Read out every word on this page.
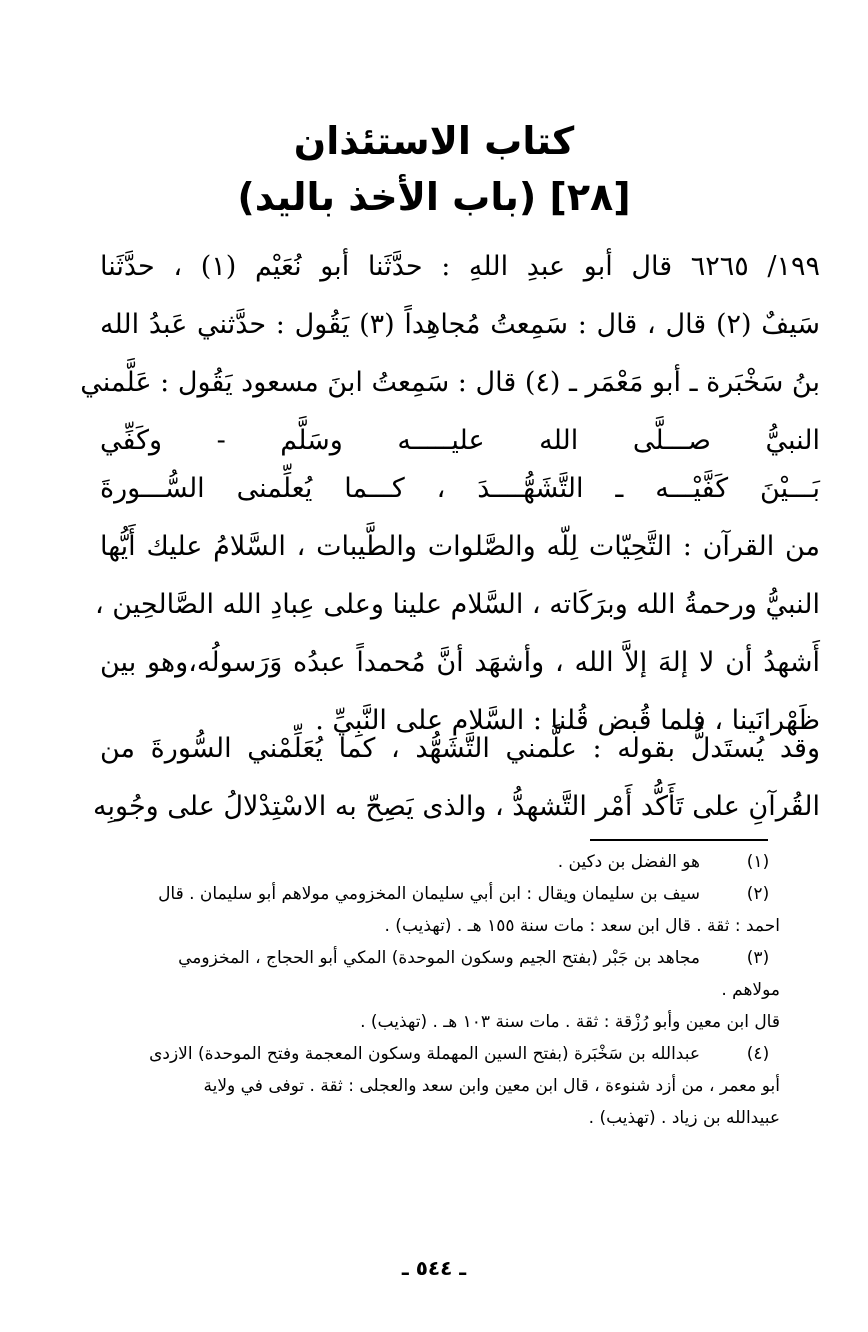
كتاب الاستئذان
[٢٨] (باب الأخذ باليد)
١٩٩/ ٦٢٦٥ قال أبو عبدِ اللهِ : حدَّثَنا أبو نُعَيْم (١) ، حدَّثَنا
سَيفٌ (٢) قال ، قال : سَمِعتُ مُجاهِداً (٣) يَقُول : حدَّثني عَبدُ الله
بنُ سَخْبَرة ـ أبو مَعْمَر ـ (٤) قال : سَمِعتُ ابنَ مسعود يَقُول : عَلَّمني
النبيُّ صـــلَّى الله عليـــــه وسَلَّم - وكَفِّي
بَـــيْنَ كَفَّيْـــه ـ التَّشَهُّــــدَ ، كـــما يُعلِّمنى السُّـــورةَ
من القرآن : التَّحِيّات لِلّه والصَّلوات والطَّيبات ، السَّلامُ عليك أَيُّها
النبيُّ ورحمةُ الله وبرَكَاته ، السَّلام علينا وعلى عِبادِ الله الصَّالحِين ،
أَشهدُ أن لا إلهَ إلاَّ الله ، وأشهَد أنَّ مُحمداً عبدُه وَرَسولُه،وهو بين
ظَهْرانَينا ، فلما قُبض قُلنا : السَّلام على النَّبِيِّ .
وقد يُستَدلُّ بقوله : علَّمني التَّشَهُّد ، كما يُعَلِّمْني السُّورةَ من
القُرآنِ على تَأَكُّد أَمْر التَّشهدُّ ، والذى يَصِحّ به الاسْتِدْلالُ على وجُوبِه
(١)
هو الفضل بن دكين .
(٢)
سيف بن سليمان ويقال : ابن أبي سليمان المخزومي مولاهم أبو سليمان . قال
احمد : ثقة . قال ابن سعد : مات سنة ١٥٥ هـ . (تهذيب) .
(٣)
مجاهد بن جَبْر (بفتح الجيم وسكون الموحدة) المكي أبو الحجاج ، المخزومي
مولاهم .
قال ابن معين وأبو رُزْقة : ثقة . مات سنة ١٠٣ هـ . (تهذيب) .
(٤)
عبدالله بن سَخْبَرة (بفتح السين المهملة وسكون المعجمة وفتح الموحدة) الازدى
أبو معمر ، من أزد شنوءة ، قال ابن معين وابن سعد والعجلى : ثقة . توفى في ولاية
عبيدالله بن زياد . (تهذيب) .
ـ ٥٤٤ ـ
